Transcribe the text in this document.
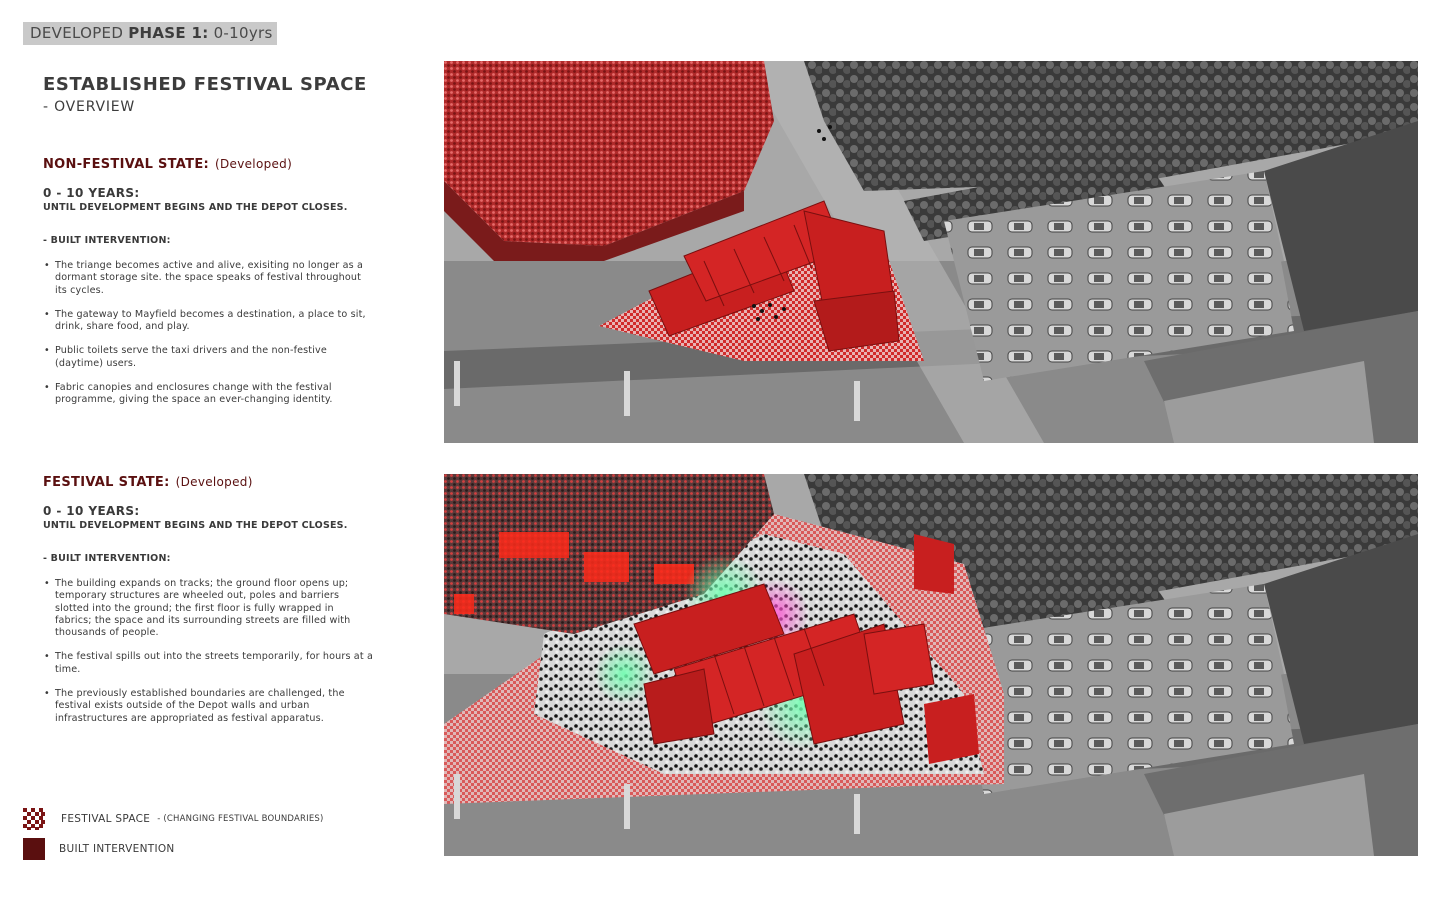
DEVELOPED PHASE 1: 0-10yrs
ESTABLISHED FESTIVAL SPACE
- OVERVIEW
NON-FESTIVAL STATE: (Developed)
0 - 10 YEARS:
UNTIL DEVELOPMENT BEGINS AND THE DEPOT CLOSES.
- BUILT INTERVENTION:
• The triange becomes active and alive, exisiting no longer as a dormant storage site. the space speaks of festival throughout its cycles.
• The gateway to Mayfield becomes a destination, a place to sit, drink, share food, and play.
• Public toilets serve the taxi drivers and the non-festive (daytime) users.
• Fabric canopies and enclosures change with the festival programme, giving the space an ever-changing identity.
FESTIVAL STATE: (Developed)
0 - 10 YEARS:
UNTIL DEVELOPMENT BEGINS AND THE DEPOT CLOSES.
- BUILT INTERVENTION:
• The building expands on tracks; the ground floor opens up; temporary structures are wheeled out, poles and barriers slotted into the ground; the first floor is fully wrapped in fabrics; the space and its surrounding streets are filled with thousands of people.
• The festival spills out into the streets temporarily, for hours at a time.
• The previously established boundaries are challenged, the festival exists outside of the Depot walls and urban infrastructures are appropriated as festival apparatus.
FESTIVAL SPACE - (CHANGING FESTIVAL BOUNDARIES)
BUILT INTERVENTION
